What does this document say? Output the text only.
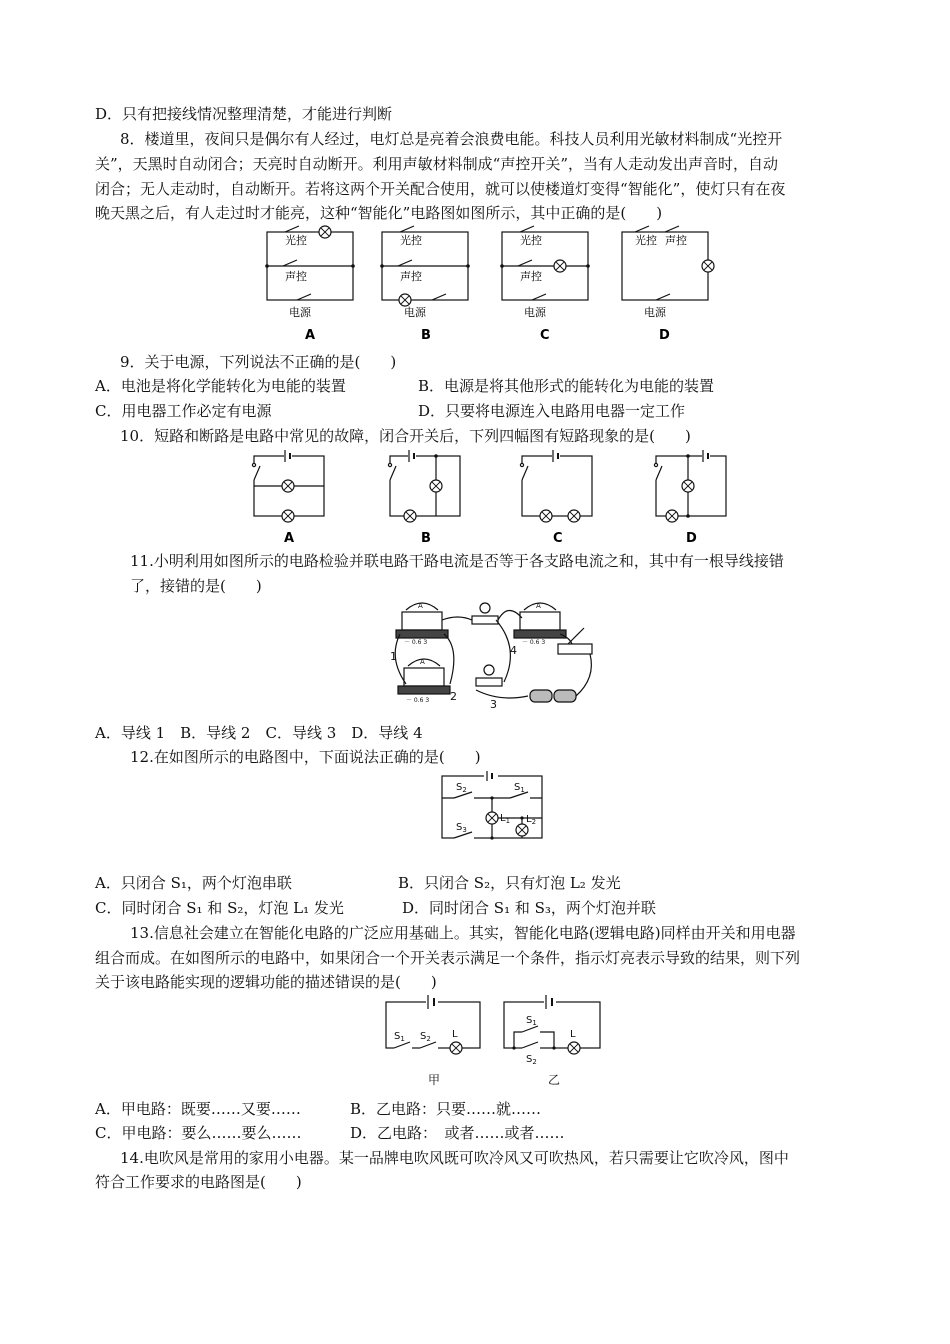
D．只有把接线情况整理清楚，才能进行判断
8．楼道里，夜间只是偶尔有人经过，电灯总是亮着会浪费电能。科技人员利用光敏材料制成“光控开
关”，天黑时自动闭合；天亮时自动断开。利用声敏材料制成“声控开关”，当有人走动发出声音时，自动
闭合；无人走动时，自动断开。若将这两个开关配合使用，就可以使楼道灯变得“智能化”，使灯只有在夜
晚天黑之后，有人走过时才能亮，这种“智能化”电路图如图所示，其中正确的是(　　)
光控
声控
光控
声控
光控
声控
光控 声控
电源	电源	电源	电源
A	B	C	D
9．关于电源，下列说法不正确的是(　　)
A．电池是将化学能转化为电能的装置	B．电源是将其他形式的能转化为电能的装置
C．用电器工作必定有电源	D．只要将电源连入电路用电器一定工作
10．短路和断路是电路中常见的故障，闭合开关后，下列四幅图有短路现象的是(　　)
A	B	C	D
11.小明利用如图所示的电路检验并联电路干路电流是否等于各支路电流之和，其中有一根导线接错
了，接错的是(　　)
A
A
A
－ 0.6 3
－ 0.6 3
－ 0.6 3
1
2
3
4
A．导线 1　B．导线 2　C．导线 3　D．导线 4
12.在如图所示的电路图中，下面说法正确的是(　　)
$S_2$	$S_1$
$S_3$
$L_1$ $L_2$
A．只闭合 S₁，两个灯泡串联	B．只闭合 S₂，只有灯泡 L₂ 发光
C．同时闭合 S₁ 和 S₂，灯泡 L₁ 发光	D．同时闭合 S₁ 和 S₃，两个灯泡并联
13.信息社会建立在智能化电路的广泛应用基础上。其实，智能化电路(逻辑电路)同样由开关和用电器
组合而成。在如图所示的电路中，如果闭合一个开关表示满足一个条件，指示灯亮表示导致的结果，则下列
关于该电路能实现的逻辑功能的描述错误的是(　　)
$S_1$ $S_2$ L
$S_1$
$S_2$
L
甲	乙
A．甲电路：既要……又要……	B．乙电路：只要……就……
C．甲电路：要么……要么……	D．乙电路：　或者……或者……
14.电吹风是常用的家用小电器。某一品牌电吹风既可吹冷风又可吹热风，若只需要让它吹冷风，图中
符合工作要求的电路图是(　　)
